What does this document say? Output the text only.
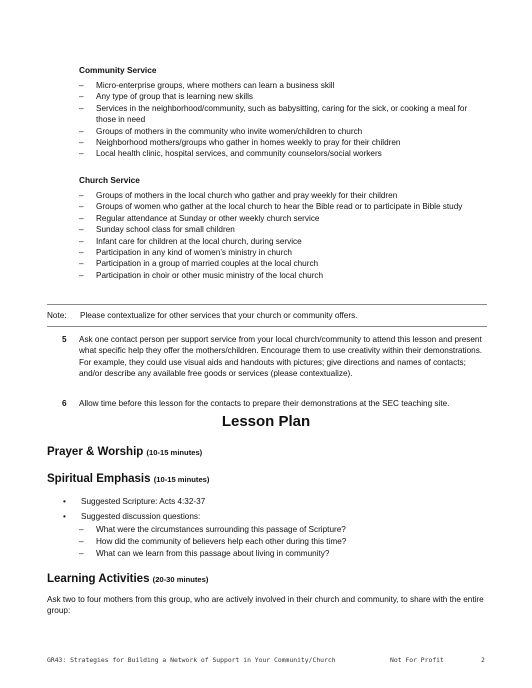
Community Service
– Micro-enterprise groups, where mothers can learn a business skill
– Any type of group that is learning new skills
– Services in the neighborhood/community, such as babysitting, caring for the sick, or cooking a meal for those in need
– Groups of mothers in the community who invite women/children to church
– Neighborhood mothers/groups who gather in homes weekly to pray for their children
– Local health clinic, hospital services, and community counselors/social workers
Church Service
– Groups of mothers in the local church who gather and pray weekly for their children
– Groups of women who gather at the local church to hear the Bible read or to participate in Bible study
– Regular attendance at Sunday or other weekly church service
– Sunday school class for small children
– Infant care for children at the local church, during service
– Participation in any kind of women’s ministry in church
– Participation in a group of married couples at the local church
– Participation in choir or other music ministry of the local church
Note: Please contextualize for other services that your church or community offers.
5 Ask one contact person per support service from your local church/community to attend this lesson and present what specific help they offer the mothers/children. Encourage them to use creativity within their demonstrations. For example, they could use visual aids and handouts with pictures; give directions and names of contacts; and/or describe any available free goods or services (please contextualize).
6 Allow time before this lesson for the contacts to prepare their demonstrations at the SEC teaching site.
Lesson Plan
Prayer & Worship (10-15 minutes)
Spiritual Emphasis (10-15 minutes)
• Suggested Scripture: Acts 4:32-37
• Suggested discussion questions:
– What were the circumstances surrounding this passage of Scripture?
– How did the community of believers help each other during this time?
– What can we learn from this passage about living in community?
Learning Activities (20-30 minutes)
Ask two to four mothers from this group, who are actively involved in their church and community, to share with the entire group:
GR43: Strategies for Building a Network of Support in Your Community/Church	Not For Profit	2
